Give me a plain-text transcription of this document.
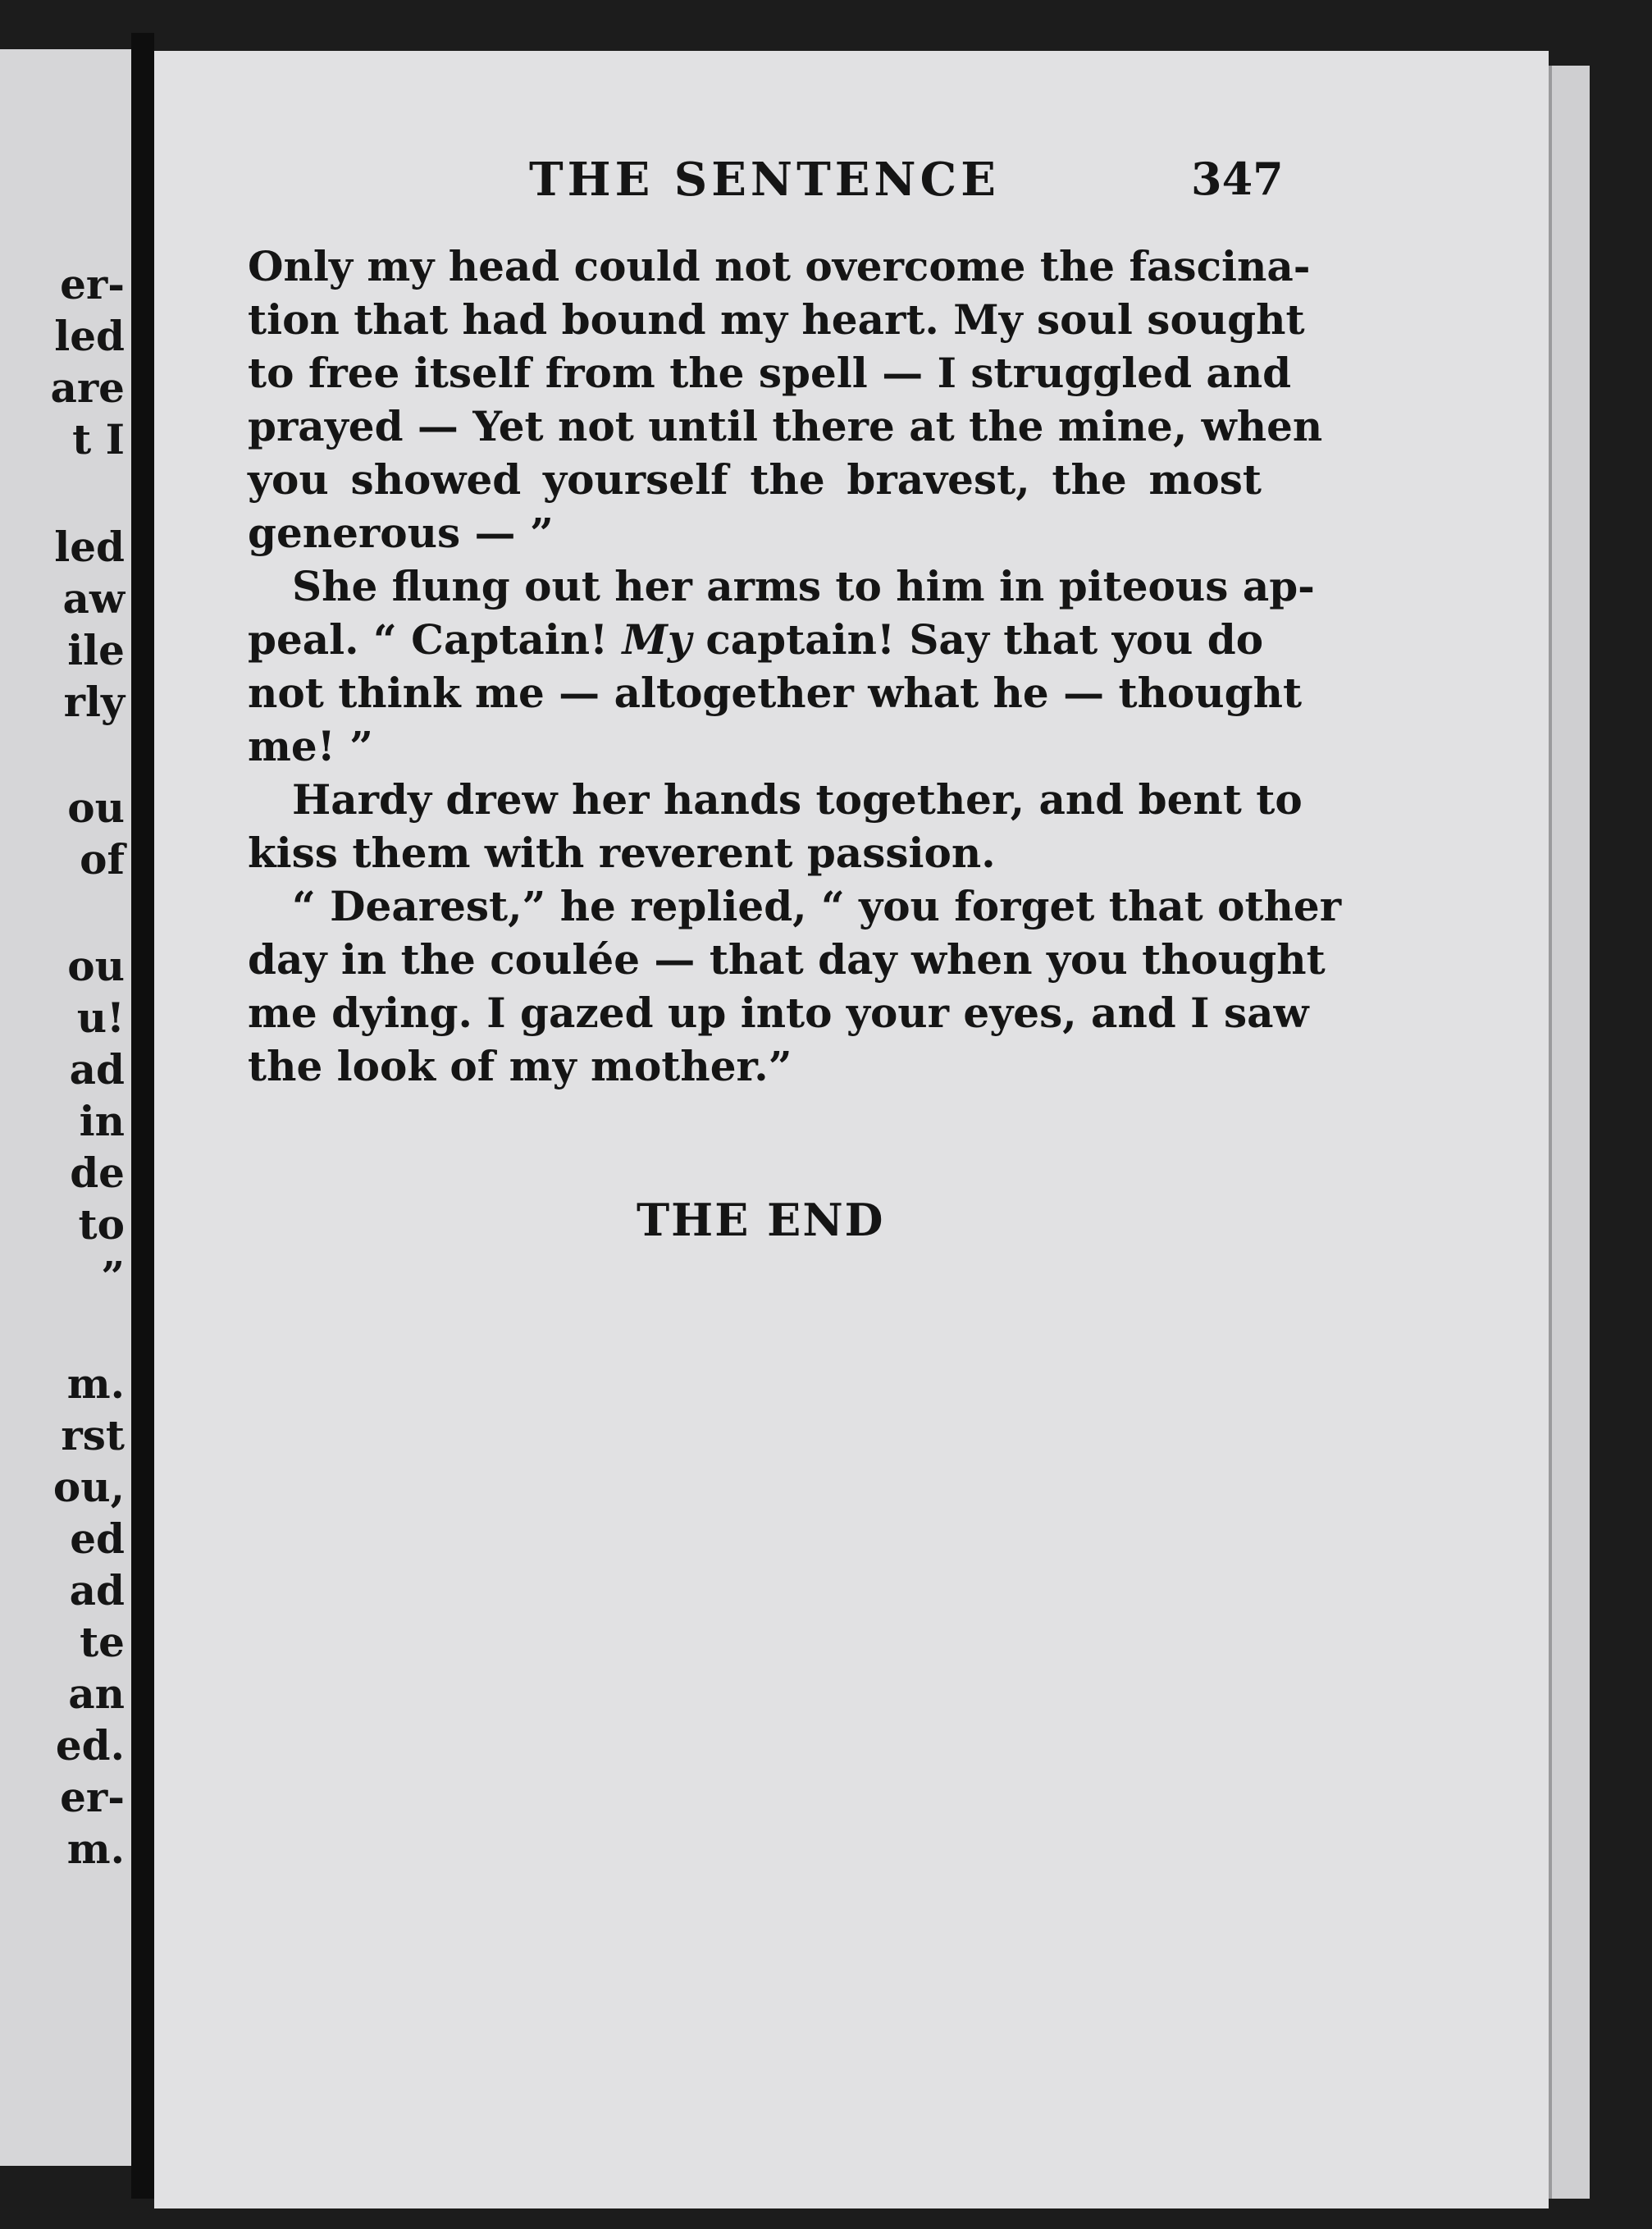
er-
led
are
t I
led
aw
ile
rly
ou
of
ou
u!
ad
in
de
to
”
m.
rst
ou,
ed
ad
te
an
ed.
er-
m.
THE SENTENCE	347
Only my head could not overcome the fascina-
tion that had bound my heart. My soul sought
to free itself from the spell — I struggled and
prayed — Yet not until there at the mine, when
you showed yourself the bravest, the most
generous — ”
She flung out her arms to him in piteous ap-
peal. “ Captain! My captain! Say that you do
not think me — altogether what he — thought
me! ”
Hardy drew her hands together, and bent to
kiss them with reverent passion.
“ Dearest,” he replied, “ you forget that other
day in the coulée — that day when you thought
me dying. I gazed up into your eyes, and I saw
the look of my mother.”
THE END
